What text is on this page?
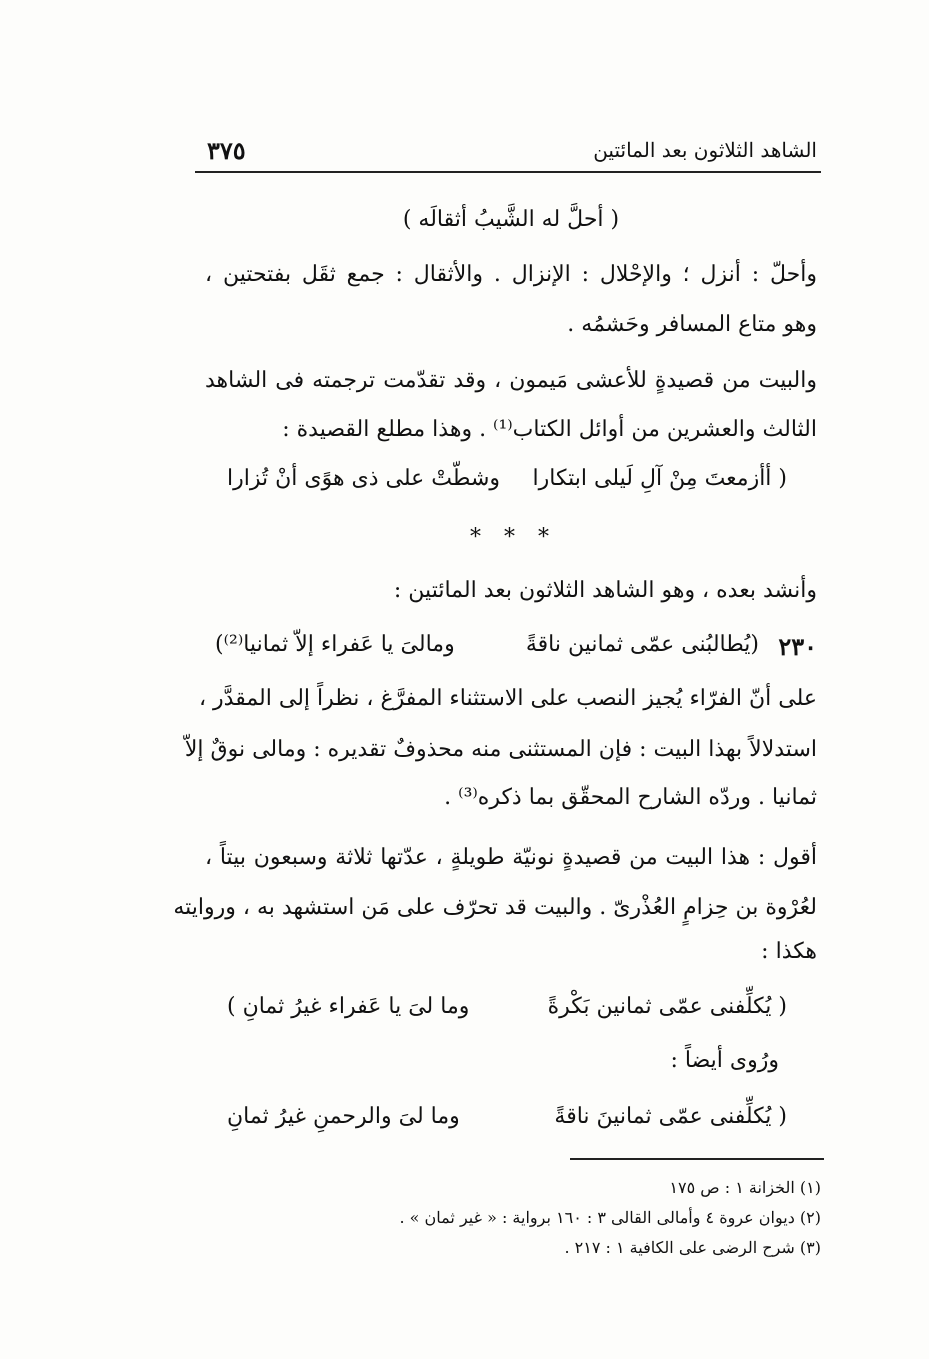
الشاهد الثلاثون بعد المائتين
٣٧٥
( أحلَّ له الشَّيبُ أثقالَه )
وأحلّ : أنزل ؛ والإحْلال : الإنزال . والأثقال : جمع ثقَل بفتحتين ،
وهو متاع المسافر وحَشمُه .
والبيت من قصيدةٍ للأعشى مَيمون ، وقد تقدّمت ترجمته فى الشاهد
الثالث والعشرين من أوائل الكتاب⁽¹⁾ . وهذا مطلع القصيدة :
( أأزمعتَ مِنْ آلِ لَيلى ابتكارا
وشطّتْ على ذى هوًى أنْ تُزارا
* * *
وأنشد بعده ، وهو الشاهد الثلاثون بعد المائتين :
٢٣٠
(يُطالبُنى عمّى ثمانين ناقةً
ومالىَ يا عَفراء إلاّ ثمانيا⁽²⁾)
على أنّ الفرّاء يُجيز النصب على الاستثناء المفرَّغ ، نظراً إلى المقدَّر ،
استدلالاً بهذا البيت : فإن المستثنى منه محذوفٌ تقديره : ومالى نوقٌ إلاّ
ثمانيا . وردّه الشارح المحقّق بما ذكره⁽³⁾ .
أقول : هذا البيت من قصيدةٍ نونيّة طويلةٍ ، عدّتها ثلاثة وسبعون بيتاً ،
لعُرْوة بن حِزامٍ العُذْرىّ . والبيت قد تحرّف على مَن استشهد به ، وروايته
هكذا :
( يُكلِّفنى عمّى ثمانين بَكْرةً
وما لىَ يا عَفراء غيرُ ثمانِ )
ورُوى أيضاً :
( يُكلِّفنى عمّى ثمانينَ ناقةً
وما لىَ والرحمنِ غيرُ ثمانِ
(١) الخزانة ١ : ص ١٧٥
(٢) ديوان عروة ٤ وأمالى القالى ٣ : ١٦٠ برواية : « غير ثمان » .
(٣) شرح الرضى على الكافية ١ : ٢١٧ .
